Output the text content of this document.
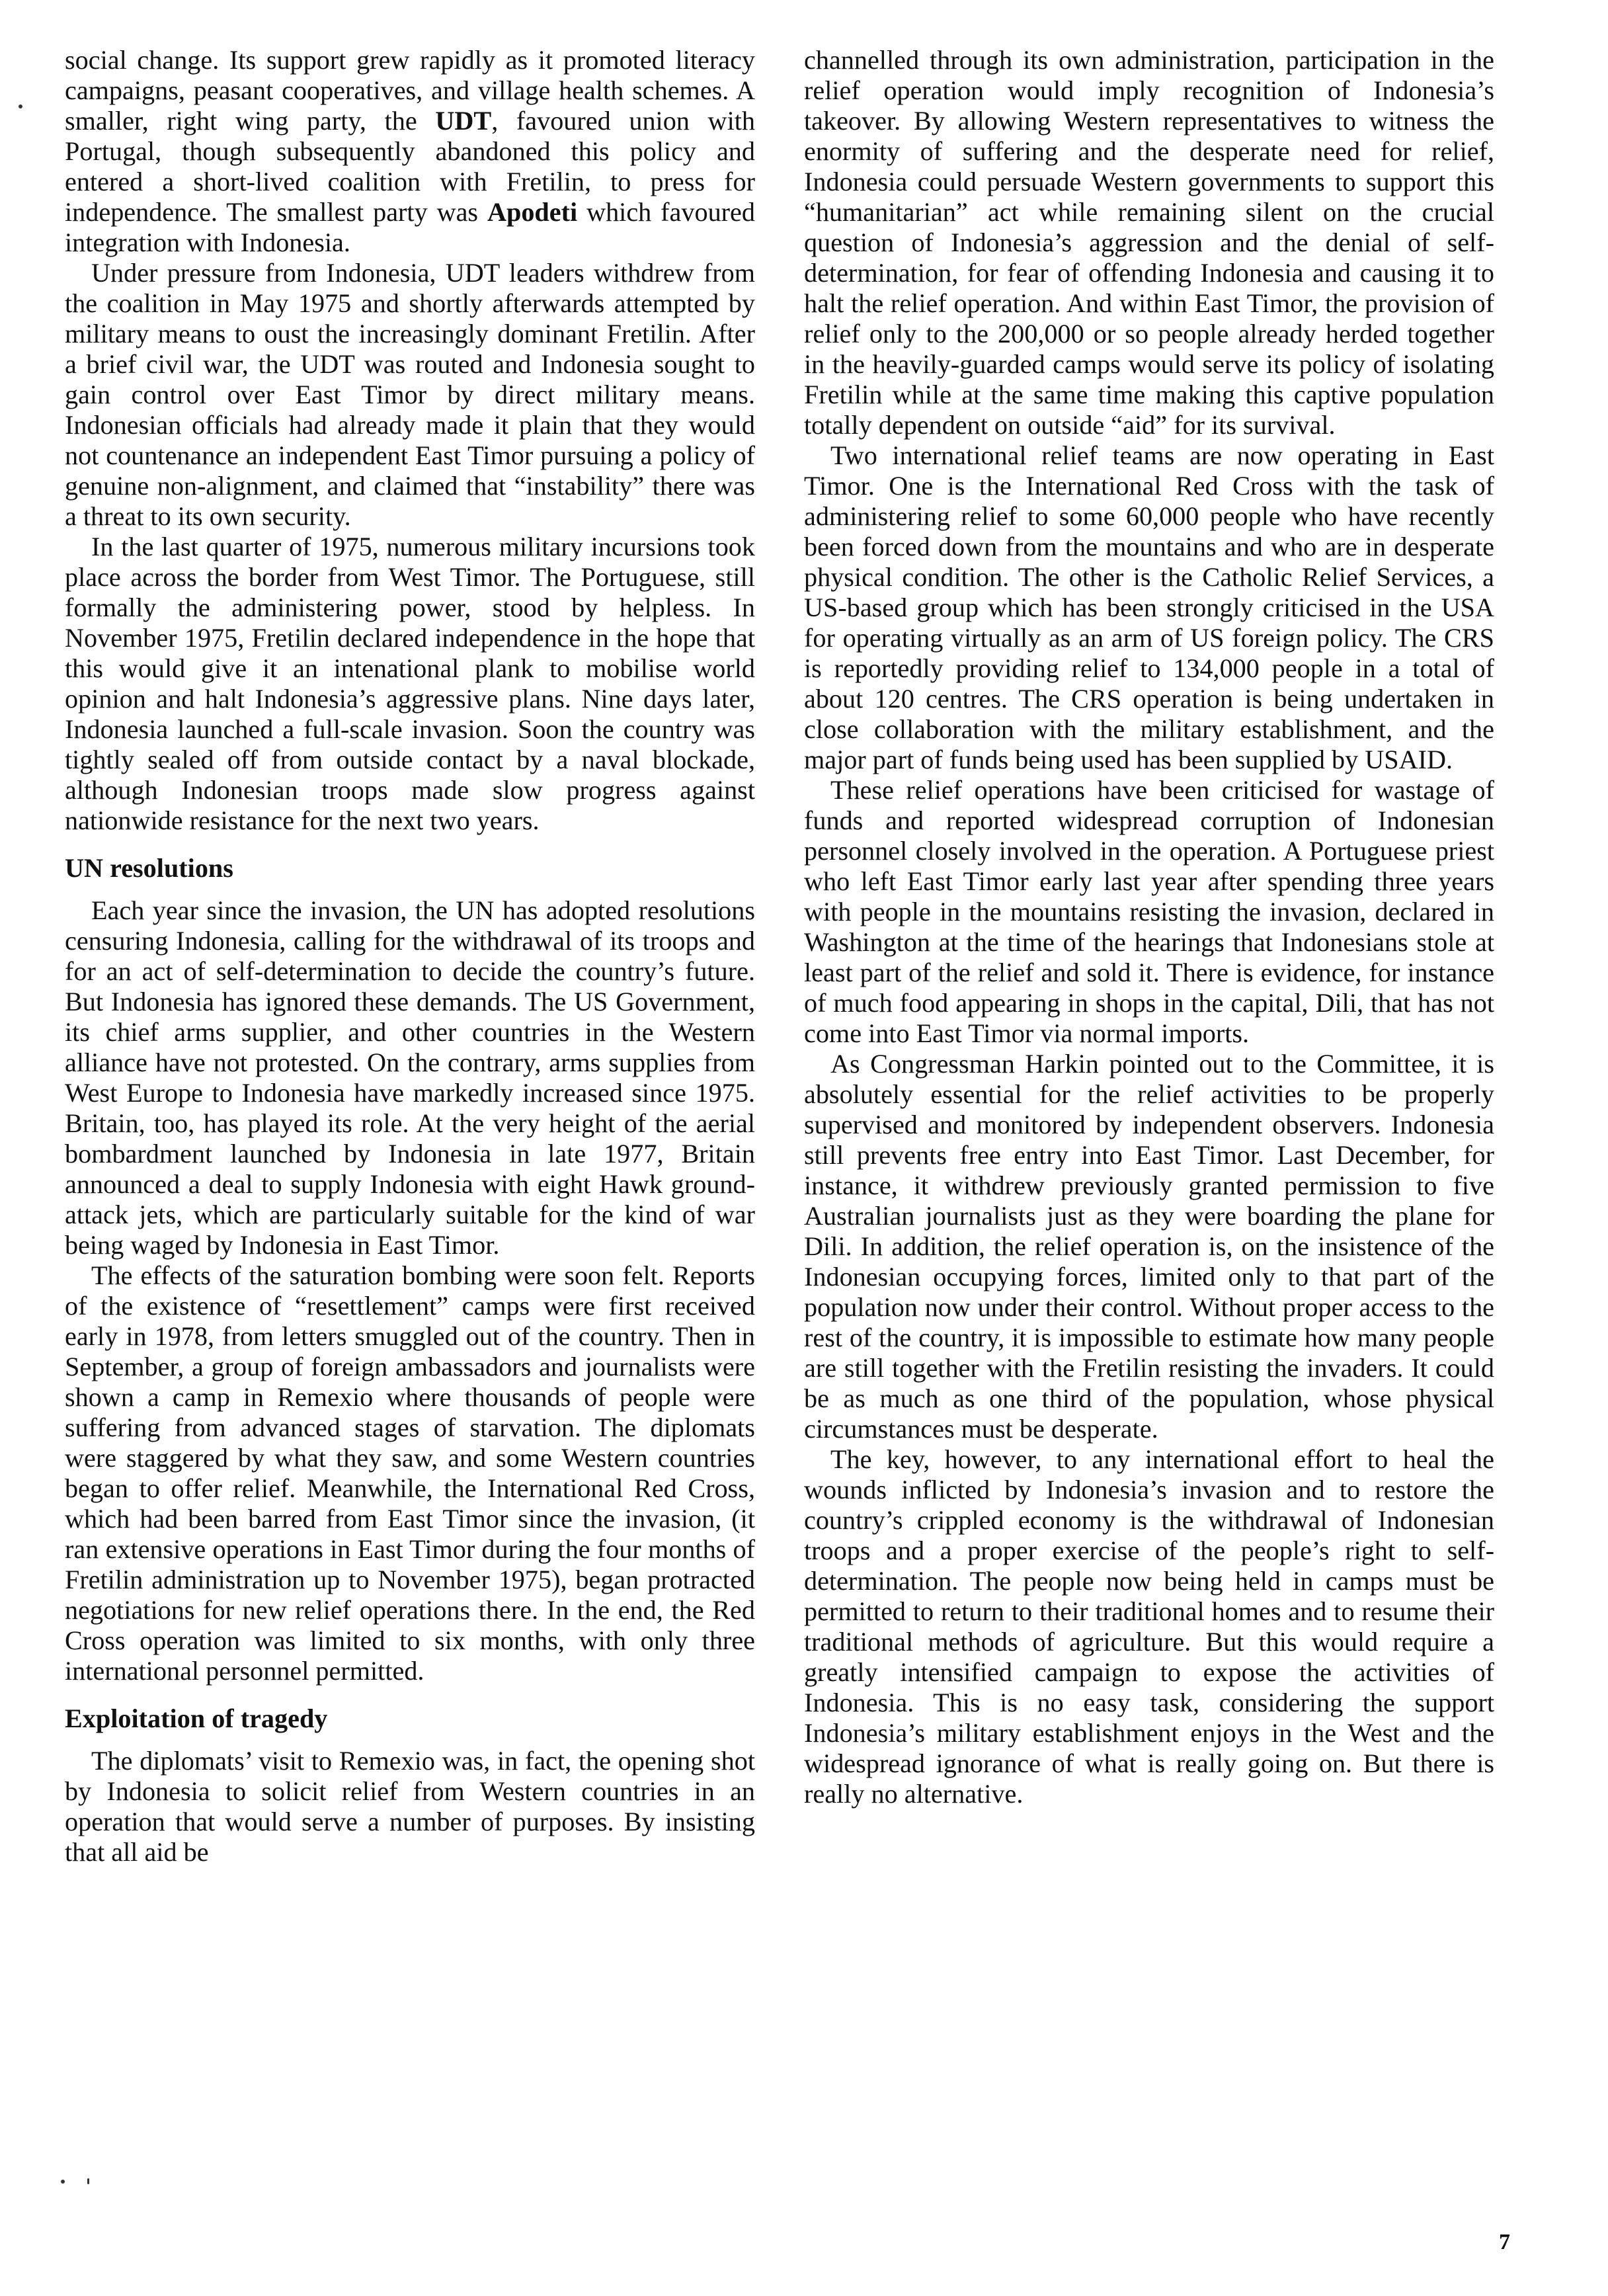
social change. Its support grew rapidly as it promoted literacy campaigns, peasant cooperatives, and village health schemes. A smaller, right wing party, the UDT, favoured union with Portugal, though subsequently abandoned this policy and entered a short-lived coalition with Fretilin, to press for independence. The smallest party was Apodeti which favoured integration with Indonesia.

Under pressure from Indonesia, UDT leaders withdrew from the coalition in May 1975 and shortly afterwards attempted by military means to oust the increasingly dominant Fretilin. After a brief civil war, the UDT was routed and Indonesia sought to gain control over East Timor by direct military means. Indonesian officials had already made it plain that they would not countenance an independent East Timor pursuing a policy of genuine non-alignment, and claimed that “instability” there was a threat to its own security.

In the last quarter of 1975, numerous military incursions took place across the border from West Timor. The Portuguese, still formally the administering power, stood by helpless. In November 1975, Fretilin declared independence in the hope that this would give it an intenational plank to mobilise world opinion and halt Indonesia’s aggressive plans. Nine days later, Indonesia launched a full-scale invasion. Soon the country was tightly sealed off from outside contact by a naval blockade, although Indonesian troops made slow progress against nationwide resistance for the next two years.

UN resolutions

Each year since the invasion, the UN has adopted resolutions censuring Indonesia, calling for the withdrawal of its troops and for an act of self-determination to decide the country’s future. But Indonesia has ignored these demands. The US Government, its chief arms supplier, and other countries in the Western alliance have not protested. On the contrary, arms supplies from West Europe to Indonesia have markedly increased since 1975. Britain, too, has played its role. At the very height of the aerial bombardment launched by Indonesia in late 1977, Britain announced a deal to supply Indonesia with eight Hawk ground-attack jets, which are particularly suitable for the kind of war being waged by Indonesia in East Timor.

The effects of the saturation bombing were soon felt. Reports of the existence of “resettlement” camps were first received early in 1978, from letters smuggled out of the country. Then in September, a group of foreign ambassadors and journalists were shown a camp in Remexio where thousands of people were suffering from advanced stages of starvation. The diplomats were staggered by what they saw, and some Western countries began to offer relief. Meanwhile, the International Red Cross, which had been barred from East Timor since the invasion, (it ran extensive operations in East Timor during the four months of Fretilin administration up to November 1975), began protracted negotiations for new relief operations there. In the end, the Red Cross operation was limited to six months, with only three international personnel permitted.

Exploitation of tragedy

The diplomats’ visit to Remexio was, in fact, the opening shot by Indonesia to solicit relief from Western countries in an operation that would serve a number of purposes. By insisting that all aid be

channelled through its own administration, participation in the relief operation would imply recognition of Indonesia’s takeover. By allowing Western representatives to witness the enormity of suffering and the desperate need for relief, Indonesia could persuade Western governments to support this “humanitarian” act while remaining silent on the crucial question of Indonesia’s aggression and the denial of self-determination, for fear of offending Indonesia and causing it to halt the relief operation. And within East Timor, the provision of relief only to the 200,000 or so people already herded together in the heavily-guarded camps would serve its policy of isolating Fretilin while at the same time making this captive population totally dependent on outside “aid” for its survival.

Two international relief teams are now operating in East Timor. One is the International Red Cross with the task of administering relief to some 60,000 people who have recently been forced down from the mountains and who are in desperate physical condition. The other is the Catholic Relief Services, a US-based group which has been strongly criticised in the USA for operating virtually as an arm of US foreign policy. The CRS is reportedly providing relief to 134,000 people in a total of about 120 centres. The CRS operation is being undertaken in close collaboration with the military establishment, and the major part of funds being used has been supplied by USAID.

These relief operations have been criticised for wastage of funds and reported widespread corruption of Indonesian personnel closely involved in the operation. A Portuguese priest who left East Timor early last year after spending three years with people in the mountains resisting the invasion, declared in Washington at the time of the hearings that Indonesians stole at least part of the relief and sold it. There is evidence, for instance of much food appearing in shops in the capital, Dili, that has not come into East Timor via normal imports.

As Congressman Harkin pointed out to the Committee, it is absolutely essential for the relief activities to be properly supervised and monitored by independent observers. Indonesia still prevents free entry into East Timor. Last December, for instance, it withdrew previously granted permission to five Australian journalists just as they were boarding the plane for Dili. In addition, the relief operation is, on the insistence of the Indonesian occupying forces, limited only to that part of the population now under their control. Without proper access to the rest of the country, it is impossible to estimate how many people are still together with the Fretilin resisting the invaders. It could be as much as one third of the population, whose physical circumstances must be desperate.

The key, however, to any international effort to heal the wounds inflicted by Indonesia’s invasion and to restore the country’s crippled economy is the withdrawal of Indonesian troops and a proper exercise of the people’s right to self-determination. The people now being held in camps must be permitted to return to their traditional homes and to resume their traditional methods of agriculture. But this would require a greatly intensified campaign to expose the activities of Indonesia. This is no easy task, considering the support Indonesia’s military establishment enjoys in the West and the widespread ignorance of what is really going on. But there is really no alternative.

7
